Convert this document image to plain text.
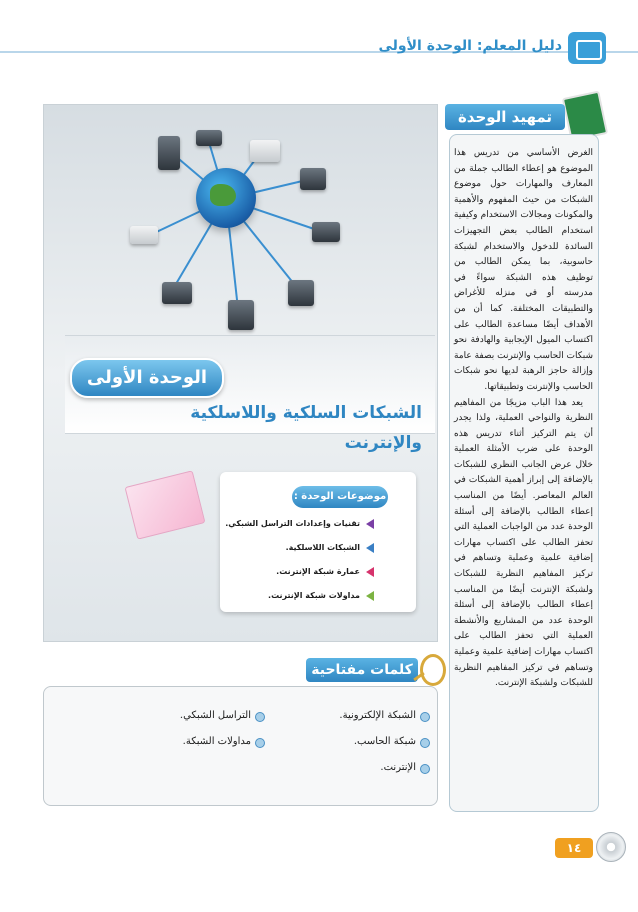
دليل المعلم: الوحدة الأولى
تمهيد الوحدة

الغرض الأساسي من تدريس هذا الموضوع هو إعطاء الطالب جملة من المعارف والمهارات حول موضوع الشبكات من حيث المفهوم والأهمية والمكونات ومجالات الاستخدام وكيفية استخدام الطالب بعض التجهيزات السائدة للدخول والاستخدام لشبكة حاسوبية، بما يمكن الطالب من توظيف هذه الشبكة سواءً في مدرسته أو في منزله للأغراض والتطبيقات المختلفة. كما أن من الأهداف أيضًا مساعدة الطالب على اكتساب الميول الإيجابية والهادفة نحو شبكات الحاسب والإنترنت بصفة عامة وإزالة حاجز الرهبة لديها نحو شبكات الحاسب والإنترنت وتطبيقاتها.

يعد هذا الباب مزيجًا من المفاهيم النظرية والنواحي العملية، ولذا يجدر أن يتم التركيز أثناء تدريس هذه الوحدة على ضرب الأمثلة العملية خلال عرض الجانب النظري للشبكات بالإضافة إلى إبراز أهمية الشبكات في العالم المعاصر. أيضًا من المناسب إعطاء الطالب بالإضافة إلى أسئلة الوحدة عدد من الواجبات العملية التي تحفز الطالب على اكتساب مهارات إضافية علمية وعملية وتساهم في تركيز المفاهيم النظرية للشبكات ولشبكة الإنترنت أيضًا من المناسب إعطاء الطالب بالإضافة إلى أسئلة الوحدة عدد من المشاريع والأنشطة العملية التي تحفز الطالب على اكتساب مهارات إضافية علمية وعملية وتساهم في تركيز المفاهيم النظرية للشبكات ولشبكة الإنترنت.

الوحدة الأولى
الشبكات السلكية واللاسلكية والإنترنت
موضوعات الوحدة :
تقنيات وإعدادات التراسل الشبكي.
الشبكات اللاسلكية.
عمارة شبكة الإنترنت.
مداولات شبكة الإنترنت.
كلمات مفتاحية
الشبكة الإلكترونية.
شبكة الحاسب.
الإنترنت.
التراسل الشبكي.
مداولات الشبكة.
١٤
